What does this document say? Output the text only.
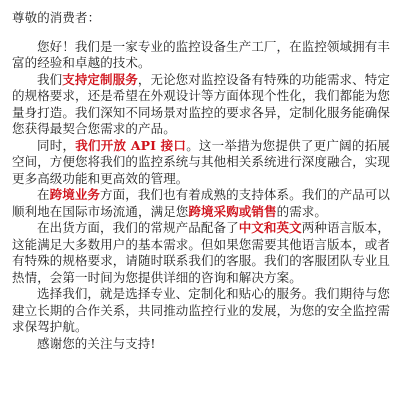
尊敬的消费者：

您好！我们是一家专业的监控设备生产工厂，在监控领域拥有丰富的经验和卓越的技术。

我们支持定制服务，无论您对监控设备有特殊的功能需求、特定的规格要求，还是希望在外观设计等方面体现个性化，我们都能为您量身打造。我们深知不同场景对监控的要求各异，定制化服务能确保您获得最契合您需求的产品。

同时，我们开放 API 接口。这一举措为您提供了更广阔的拓展空间，方便您将我们的监控系统与其他相关系统进行深度融合，实现更多高级功能和更高效的管理。

在跨境业务方面，我们也有着成熟的支持体系。我们的产品可以顺利地在国际市场流通，满足您跨境采购或销售的需求。

在出货方面，我们的常规产品配备了中文和英文两种语言版本，这能满足大多数用户的基本需求。但如果您需要其他语言版本，或者有特殊的规格要求，请随时联系我们的客服。我们的客服团队专业且热情，会第一时间为您提供详细的咨询和解决方案。

选择我们，就是选择专业、定制化和贴心的服务。我们期待与您建立长期的合作关系，共同推动监控行业的发展，为您的安全监控需求保驾护航。

感谢您的关注与支持!
